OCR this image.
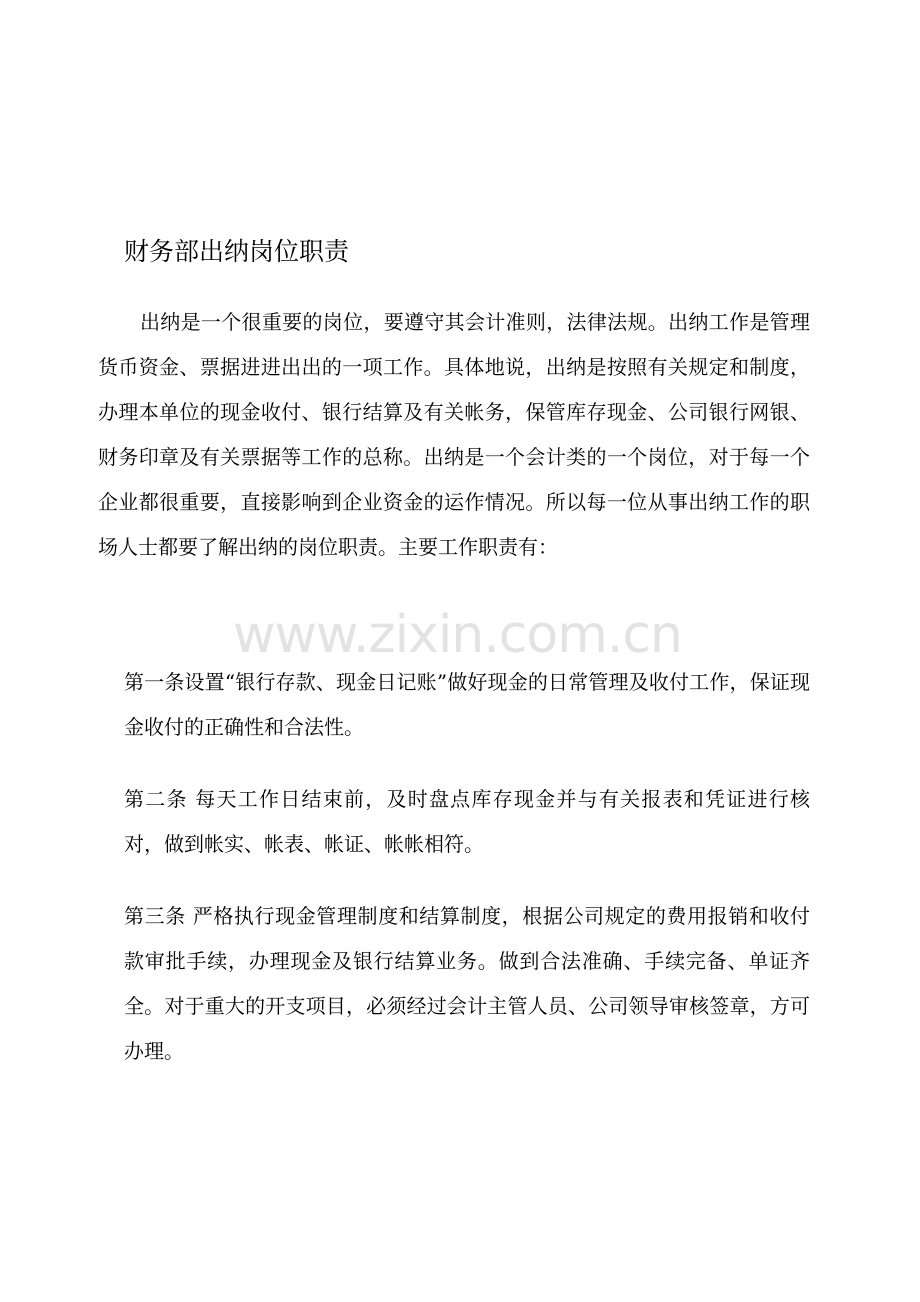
财务部出纳岗位职责

出纳是一个很重要的岗位，要遵守其会计准则，法律法规。出纳工作是管理货币资金、票据进进出出的一项工作。具体地说，出纳是按照有关规定和制度，办理本单位的现金收付、银行结算及有关帐务，保管库存现金、公司银行网银、财务印章及有关票据等工作的总称。出纳是一个会计类的一个岗位，对于每一个企业都很重要，直接影响到企业资金的运作情况。所以每一位从事出纳工作的职场人士都要了解出纳的岗位职责。主要工作职责有：

www.zixin.com.cn

第一条设置“银行存款、现金日记账”做好现金的日常管理及收付工作，保证现金收付的正确性和合法性。

第二条 每天工作日结束前，及时盘点库存现金并与有关报表和凭证进行核对，做到帐实、帐表、帐证、帐帐相符。

第三条 严格执行现金管理制度和结算制度，根据公司规定的费用报销和收付款审批手续，办理现金及银行结算业务。做到合法准确、手续完备、单证齐全。对于重大的开支项目，必须经过会计主管人员、公司领导审核签章，方可办理。
